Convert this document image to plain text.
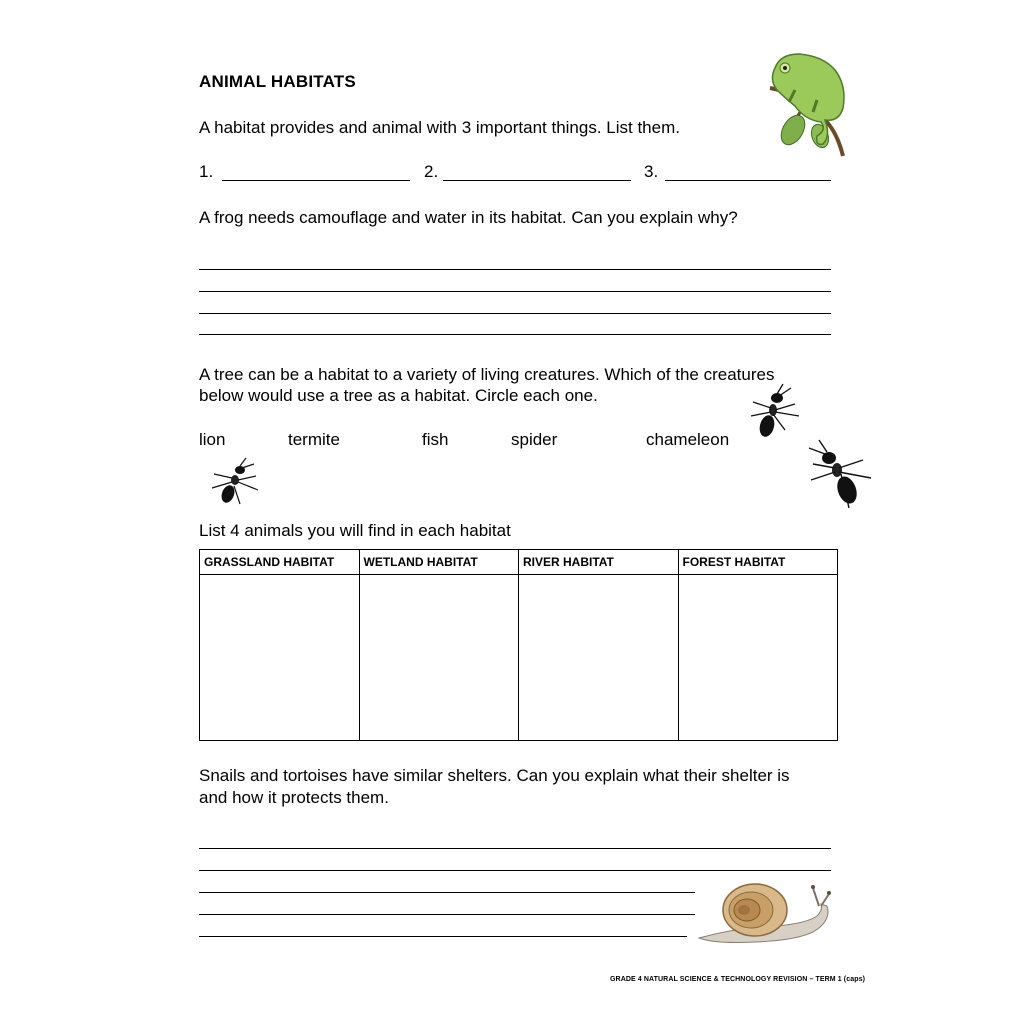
ANIMAL HABITATS
A habitat provides and animal with 3 important things. List them.
1.	2.	3.
A frog needs camouflage and water in its habitat. Can you explain why?
A tree can be a habitat to a variety of living creatures. Which of the creatures
below would use a tree as a habitat. Circle each one.
lion	termite	fish	spider	chameleon
List 4 animals you will find in each habitat
GRASSLAND HABITAT	WETLAND HABITAT	RIVER HABITAT	FOREST HABITAT

Snails and tortoises have similar shelters. Can you explain what their shelter is
and how it protects them.
GRADE 4 NATURAL SCIENCE & TECHNOLOGY REVISION – TERM 1 (caps)
